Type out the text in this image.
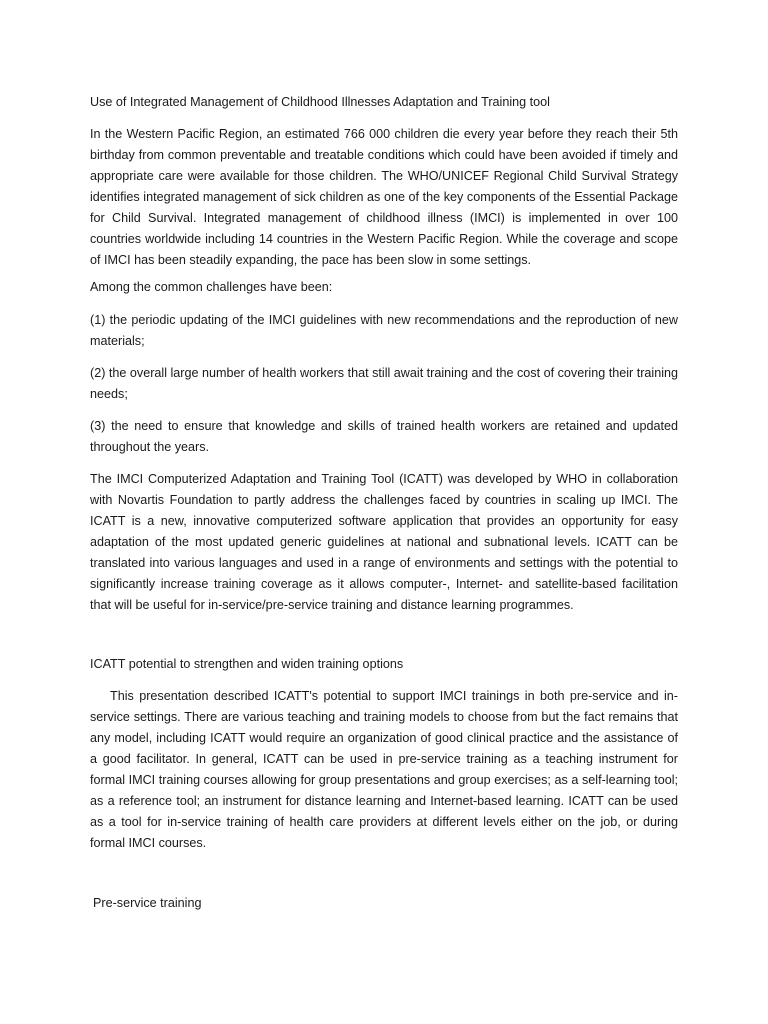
Use of Integrated Management of Childhood Illnesses Adaptation and Training tool

In the Western Pacific Region, an estimated 766 000 children die every year before they reach their 5th birthday from common preventable and treatable conditions which could have been avoided if timely and appropriate care were available for those children. The WHO/UNICEF Regional Child Survival Strategy identifies integrated management of sick children as one of the key components of the Essential Package for Child Survival. Integrated management of childhood illness (IMCI) is implemented in over 100 countries worldwide including 14 countries in the Western Pacific Region. While the coverage and scope of IMCI has been steadily expanding, the pace has been slow in some settings.

Among the common challenges have been:

(1) the periodic updating of the IMCI guidelines with new recommendations and the reproduction of new materials;

(2) the overall large number of health workers that still await training and the cost of covering their training needs;

(3) the need to ensure that knowledge and skills of trained health workers are retained and updated throughout the years.

The IMCI Computerized Adaptation and Training Tool (ICATT) was developed by WHO in collaboration with Novartis Foundation to partly address the challenges faced by countries in scaling up IMCI. The ICATT is a new, innovative computerized software application that provides an opportunity for easy adaptation of the most updated generic guidelines at national and subnational levels. ICATT can be translated into various languages and used in a range of environments and settings with the potential to significantly increase training coverage as it allows computer-, Internet- and satellite-based facilitation that will be useful for in-service/pre-service training and distance learning programmes.

ICATT potential to strengthen and widen training options

This presentation described ICATT's potential to support IMCI trainings in both pre-service and in-service settings. There are various teaching and training models to choose from but the fact remains that any model, including ICATT would require an organization of good clinical practice and the assistance of a good facilitator. In general, ICATT can be used in pre-service training as a teaching instrument for formal IMCI training courses allowing for group presentations and group exercises; as a self-learning tool; as a reference tool; an instrument for distance learning and Internet-based learning. ICATT can be used as a tool for in-service training of health care providers at different levels either on the job, or during formal IMCI courses.

Pre-service training
